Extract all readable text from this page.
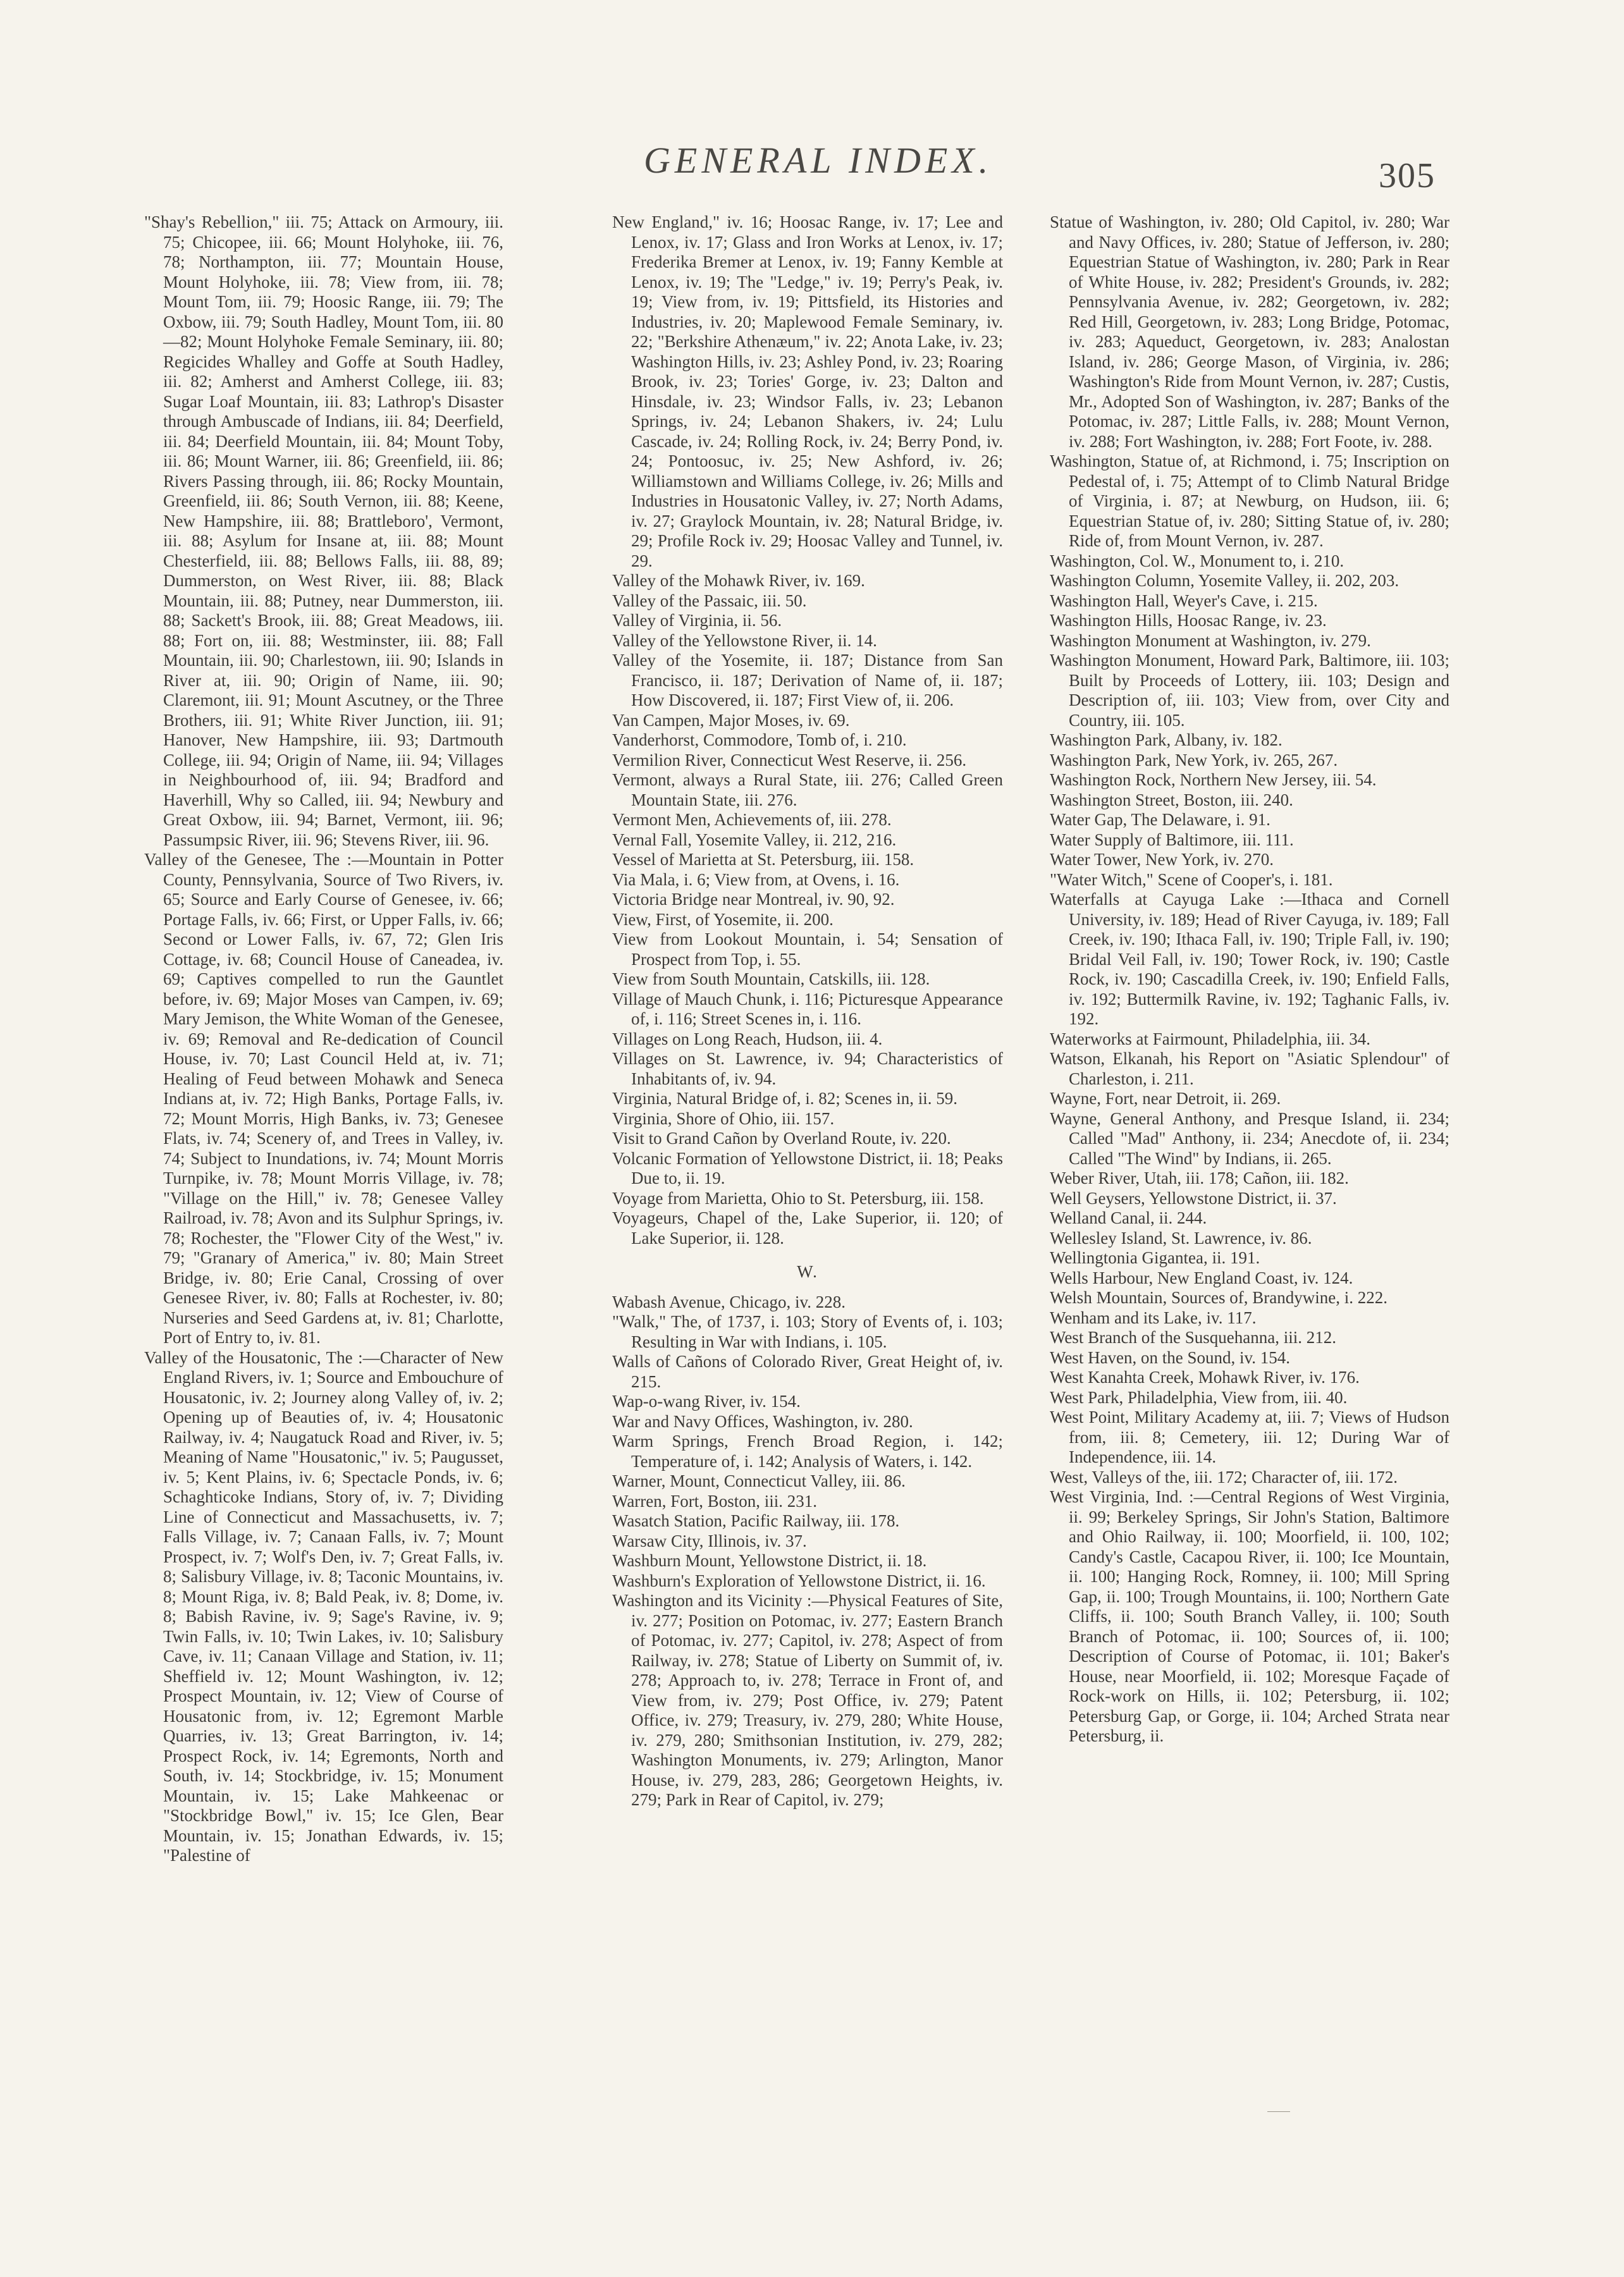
GENERAL INDEX.	305

"Shay's Rebellion," iii. 75; Attack on Armoury, iii. 75; Chicopee, iii. 66; Mount Holyhoke, iii. 76, 78; Northampton, iii. 77; Mountain House, Mount Holyhoke, iii. 78; View from, iii. 78; Mount Tom, iii. 79; Hoosic Range, iii. 79; The Oxbow, iii. 79; South Hadley, Mount Tom, iii. 80—82; Mount Holyhoke Female Seminary, iii. 80; Regicides Whalley and Goffe at South Hadley, iii. 82; Amherst and Amherst College, iii. 83; Sugar Loaf Mountain, iii. 83; Lathrop's Disaster through Ambuscade of Indians, iii. 84; Deerfield, iii. 84; Deerfield Mountain, iii. 84; Mount Toby, iii. 86; Mount Warner, iii. 86; Greenfield, iii. 86; Rivers Passing through, iii. 86; Rocky Mountain, Greenfield, iii. 86; South Vernon, iii. 88; Keene, New Hampshire, iii. 88; Brattleboro', Vermont, iii. 88; Asylum for Insane at, iii. 88; Mount Chesterfield, iii. 88; Bellows Falls, iii. 88, 89; Dummerston, on West River, iii. 88; Black Mountain, iii. 88; Putney, near Dummerston, iii. 88; Sackett's Brook, iii. 88; Great Meadows, iii. 88; Fort on, iii. 88; Westminster, iii. 88; Fall Mountain, iii. 90; Charlestown, iii. 90; Islands in River at, iii. 90; Origin of Name, iii. 90; Claremont, iii. 91; Mount Ascutney, or the Three Brothers, iii. 91; White River Junction, iii. 91; Hanover, New Hampshire, iii. 93; Dartmouth College, iii. 94; Origin of Name, iii. 94; Villages in Neighbourhood of, iii. 94; Bradford and Haverhill, Why so Called, iii. 94; Newbury and Great Oxbow, iii. 94; Barnet, Vermont, iii. 96; Passumpsic River, iii. 96; Stevens River, iii. 96.

Valley of the Genesee, The :—Mountain in Potter County, Pennsylvania, Source of Two Rivers, iv. 65; Source and Early Course of Genesee, iv. 66; Portage Falls, iv. 66; First, or Upper Falls, iv. 66; Second or Lower Falls, iv. 67, 72; Glen Iris Cottage, iv. 68; Council House of Caneadea, iv. 69; Captives compelled to run the Gauntlet before, iv. 69; Major Moses van Campen, iv. 69; Mary Jemison, the White Woman of the Genesee, iv. 69; Removal and Re-dedication of Council House, iv. 70; Last Council Held at, iv. 71; Healing of Feud between Mohawk and Seneca Indians at, iv. 72; High Banks, Portage Falls, iv. 72; Mount Morris, High Banks, iv. 73; Genesee Flats, iv. 74; Scenery of, and Trees in Valley, iv. 74; Subject to Inundations, iv. 74; Mount Morris Turnpike, iv. 78; Mount Morris Village, iv. 78; "Village on the Hill," iv. 78; Genesee Valley Railroad, iv. 78; Avon and its Sulphur Springs, iv. 78; Rochester, the "Flower City of the West," iv. 79; "Granary of America," iv. 80; Main Street Bridge, iv. 80; Erie Canal, Crossing of over Genesee River, iv. 80; Falls at Rochester, iv. 80; Nurseries and Seed Gardens at, iv. 81; Charlotte, Port of Entry to, iv. 81.

Valley of the Housatonic, The :—Character of New England Rivers, iv. 1; Source and Embouchure of Housatonic, iv. 2; Journey along Valley of, iv. 2; Opening up of Beauties of, iv. 4; Housatonic Railway, iv. 4; Naugatuck Road and River, iv. 5; Meaning of Name "Housatonic," iv. 5; Paugusset, iv. 5; Kent Plains, iv. 6; Spectacle Ponds, iv. 6; Schaghticoke Indians, Story of, iv. 7; Dividing Line of Connecticut and Massachusetts, iv. 7; Falls Village, iv. 7; Canaan Falls, iv. 7; Mount Prospect, iv. 7; Wolf's Den, iv. 7; Great Falls, iv. 8; Salisbury Village, iv. 8; Taconic Mountains, iv. 8; Mount Riga, iv. 8; Bald Peak, iv. 8; Dome, iv. 8; Babish Ravine, iv. 9; Sage's Ravine, iv. 9; Twin Falls, iv. 10; Twin Lakes, iv. 10; Salisbury Cave, iv. 11; Canaan Village and Station, iv. 11; Sheffield iv. 12; Mount Washington, iv. 12; Prospect Mountain, iv. 12; View of Course of Housatonic from, iv. 12; Egremont Marble Quarries, iv. 13; Great Barrington, iv. 14; Prospect Rock, iv. 14; Egremonts, North and South, iv. 14; Stockbridge, iv. 15; Monument Mountain, iv. 15; Lake Mahkeenac or "Stockbridge Bowl," iv. 15; Ice Glen, Bear Mountain, iv. 15; Jonathan Edwards, iv. 15; "Palestine of

New England," iv. 16; Hoosac Range, iv. 17; Lee and Lenox, iv. 17; Glass and Iron Works at Lenox, iv. 17; Frederika Bremer at Lenox, iv. 19; Fanny Kemble at Lenox, iv. 19; The "Ledge," iv. 19; Perry's Peak, iv. 19; View from, iv. 19; Pittsfield, its Histories and Industries, iv. 20; Maplewood Female Seminary, iv. 22; "Berkshire Athenæum," iv. 22; Anota Lake, iv. 23; Washington Hills, iv. 23; Ashley Pond, iv. 23; Roaring Brook, iv. 23; Tories' Gorge, iv. 23; Dalton and Hinsdale, iv. 23; Windsor Falls, iv. 23; Lebanon Springs, iv. 24; Lebanon Shakers, iv. 24; Lulu Cascade, iv. 24; Rolling Rock, iv. 24; Berry Pond, iv. 24; Pontoosuc, iv. 25; New Ashford, iv. 26; Williamstown and Williams College, iv. 26; Mills and Industries in Housatonic Valley, iv. 27; North Adams, iv. 27; Graylock Mountain, iv. 28; Natural Bridge, iv. 29; Profile Rock iv. 29; Hoosac Valley and Tunnel, iv. 29.

Valley of the Mohawk River, iv. 169.

Valley of the Passaic, iii. 50.

Valley of Virginia, ii. 56.

Valley of the Yellowstone River, ii. 14.

Valley of the Yosemite, ii. 187; Distance from San Francisco, ii. 187; Derivation of Name of, ii. 187; How Discovered, ii. 187; First View of, ii. 206.

Van Campen, Major Moses, iv. 69.

Vanderhorst, Commodore, Tomb of, i. 210.

Vermilion River, Connecticut West Reserve, ii. 256.

Vermont, always a Rural State, iii. 276; Called Green Mountain State, iii. 276.

Vermont Men, Achievements of, iii. 278.

Vernal Fall, Yosemite Valley, ii. 212, 216.

Vessel of Marietta at St. Petersburg, iii. 158.

Via Mala, i. 6; View from, at Ovens, i. 16.

Victoria Bridge near Montreal, iv. 90, 92.

View, First, of Yosemite, ii. 200.

View from Lookout Mountain, i. 54; Sensation of Prospect from Top, i. 55.

View from South Mountain, Catskills, iii. 128.

Village of Mauch Chunk, i. 116; Picturesque Appearance of, i. 116; Street Scenes in, i. 116.

Villages on Long Reach, Hudson, iii. 4.

Villages on St. Lawrence, iv. 94; Characteristics of Inhabitants of, iv. 94.

Virginia, Natural Bridge of, i. 82; Scenes in, ii. 59.

Virginia, Shore of Ohio, iii. 157.

Visit to Grand Cañon by Overland Route, iv. 220.

Volcanic Formation of Yellowstone District, ii. 18; Peaks Due to, ii. 19.

Voyage from Marietta, Ohio to St. Petersburg, iii. 158.

Voyageurs, Chapel of the, Lake Superior, ii. 120; of Lake Superior, ii. 128.

W.

Wabash Avenue, Chicago, iv. 228.

"Walk," The, of 1737, i. 103; Story of Events of, i. 103; Resulting in War with Indians, i. 105.

Walls of Cañons of Colorado River, Great Height of, iv. 215.

Wap-o-wang River, iv. 154.

War and Navy Offices, Washington, iv. 280.

Warm Springs, French Broad Region, i. 142; Temperature of, i. 142; Analysis of Waters, i. 142.

Warner, Mount, Connecticut Valley, iii. 86.

Warren, Fort, Boston, iii. 231.

Wasatch Station, Pacific Railway, iii. 178.

Warsaw City, Illinois, iv. 37.

Washburn Mount, Yellowstone District, ii. 18.

Washburn's Exploration of Yellowstone District, ii. 16.

Washington and its Vicinity :—Physical Features of Site, iv. 277; Position on Potomac, iv. 277; Eastern Branch of Potomac, iv. 277; Capitol, iv. 278; Aspect of from Railway, iv. 278; Statue of Liberty on Summit of, iv. 278; Approach to, iv. 278; Terrace in Front of, and View from, iv. 279; Post Office, iv. 279; Patent Office, iv. 279; Treasury, iv. 279, 280; White House, iv. 279, 280; Smithsonian Institution, iv. 279, 282; Washington Monuments, iv. 279; Arlington, Manor House, iv. 279, 283, 286; Georgetown Heights, iv. 279; Park in Rear of Capitol, iv. 279;

Statue of Washington, iv. 280; Old Capitol, iv. 280; War and Navy Offices, iv. 280; Statue of Jefferson, iv. 280; Equestrian Statue of Washington, iv. 280; Park in Rear of White House, iv. 282; President's Grounds, iv. 282; Pennsylvania Avenue, iv. 282; Georgetown, iv. 282; Red Hill, Georgetown, iv. 283; Long Bridge, Potomac, iv. 283; Aqueduct, Georgetown, iv. 283; Analostan Island, iv. 286; George Mason, of Virginia, iv. 286; Washington's Ride from Mount Vernon, iv. 287; Custis, Mr., Adopted Son of Washington, iv. 287; Banks of the Potomac, iv. 287; Little Falls, iv. 288; Mount Vernon, iv. 288; Fort Washington, iv. 288; Fort Foote, iv. 288.

Washington, Statue of, at Richmond, i. 75; Inscription on Pedestal of, i. 75; Attempt of to Climb Natural Bridge of Virginia, i. 87; at Newburg, on Hudson, iii. 6; Equestrian Statue of, iv. 280; Sitting Statue of, iv. 280; Ride of, from Mount Vernon, iv. 287.

Washington, Col. W., Monument to, i. 210.

Washington Column, Yosemite Valley, ii. 202, 203.

Washington Hall, Weyer's Cave, i. 215.

Washington Hills, Hoosac Range, iv. 23.

Washington Monument at Washington, iv. 279.

Washington Monument, Howard Park, Baltimore, iii. 103; Built by Proceeds of Lottery, iii. 103; Design and Description of, iii. 103; View from, over City and Country, iii. 105.

Washington Park, Albany, iv. 182.

Washington Park, New York, iv. 265, 267.

Washington Rock, Northern New Jersey, iii. 54.

Washington Street, Boston, iii. 240.

Water Gap, The Delaware, i. 91.

Water Supply of Baltimore, iii. 111.

Water Tower, New York, iv. 270.

"Water Witch," Scene of Cooper's, i. 181.

Waterfalls at Cayuga Lake :—Ithaca and Cornell University, iv. 189; Head of River Cayuga, iv. 189; Fall Creek, iv. 190; Ithaca Fall, iv. 190; Triple Fall, iv. 190; Bridal Veil Fall, iv. 190; Tower Rock, iv. 190; Castle Rock, iv. 190; Cascadilla Creek, iv. 190; Enfield Falls, iv. 192; Buttermilk Ravine, iv. 192; Taghanic Falls, iv. 192.

Waterworks at Fairmount, Philadelphia, iii. 34.

Watson, Elkanah, his Report on "Asiatic Splendour" of Charleston, i. 211.

Wayne, Fort, near Detroit, ii. 269.

Wayne, General Anthony, and Presque Island, ii. 234; Called "Mad" Anthony, ii. 234; Anecdote of, ii. 234; Called "The Wind" by Indians, ii. 265.

Weber River, Utah, iii. 178; Cañon, iii. 182.

Well Geysers, Yellowstone District, ii. 37.

Welland Canal, ii. 244.

Wellesley Island, St. Lawrence, iv. 86.

Wellingtonia Gigantea, ii. 191.

Wells Harbour, New England Coast, iv. 124.

Welsh Mountain, Sources of, Brandywine, i. 222.

Wenham and its Lake, iv. 117.

West Branch of the Susquehanna, iii. 212.

West Haven, on the Sound, iv. 154.

West Kanahta Creek, Mohawk River, iv. 176.

West Park, Philadelphia, View from, iii. 40.

West Point, Military Academy at, iii. 7; Views of Hudson from, iii. 8; Cemetery, iii. 12; During War of Independence, iii. 14.

West, Valleys of the, iii. 172; Character of, iii. 172.

West Virginia, Ind. :—Central Regions of West Virginia, ii. 99; Berkeley Springs, Sir John's Station, Baltimore and Ohio Railway, ii. 100; Moorfield, ii. 100, 102; Candy's Castle, Cacapou River, ii. 100; Ice Mountain, ii. 100; Hanging Rock, Romney, ii. 100; Mill Spring Gap, ii. 100; Trough Mountains, ii. 100; Northern Gate Cliffs, ii. 100; South Branch Valley, ii. 100; South Branch of Potomac, ii. 100; Sources of, ii. 100; Description of Course of Potomac, ii. 101; Baker's House, near Moorfield, ii. 102; Moresque Façade of Rock-work on Hills, ii. 102; Petersburg, ii. 102; Petersburg Gap, or Gorge, ii. 104; Arched Strata near Petersburg, ii.
